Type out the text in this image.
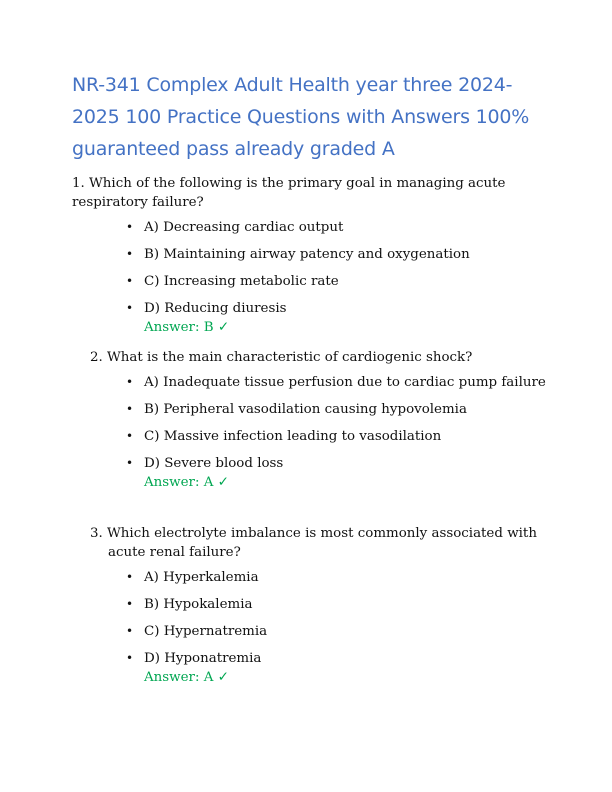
NR-341 Complex Adult Health year three 2024-2025 100 Practice Questions with Answers 100% guaranteed pass already graded A
1. Which of the following is the primary goal in managing acute respiratory failure?
• A) Decreasing cardiac output
• B) Maintaining airway patency and oxygenation
• C) Increasing metabolic rate
• D) Reducing diuresis
Answer: B ✓
2. What is the main characteristic of cardiogenic shock?
• A) Inadequate tissue perfusion due to cardiac pump failure
• B) Peripheral vasodilation causing hypovolemia
• C) Massive infection leading to vasodilation
• D) Severe blood loss
Answer: A ✓
3. Which electrolyte imbalance is most commonly associated with acute renal failure?
• A) Hyperkalemia
• B) Hypokalemia
• C) Hypernatremia
• D) Hyponatremia
Answer: A ✓
